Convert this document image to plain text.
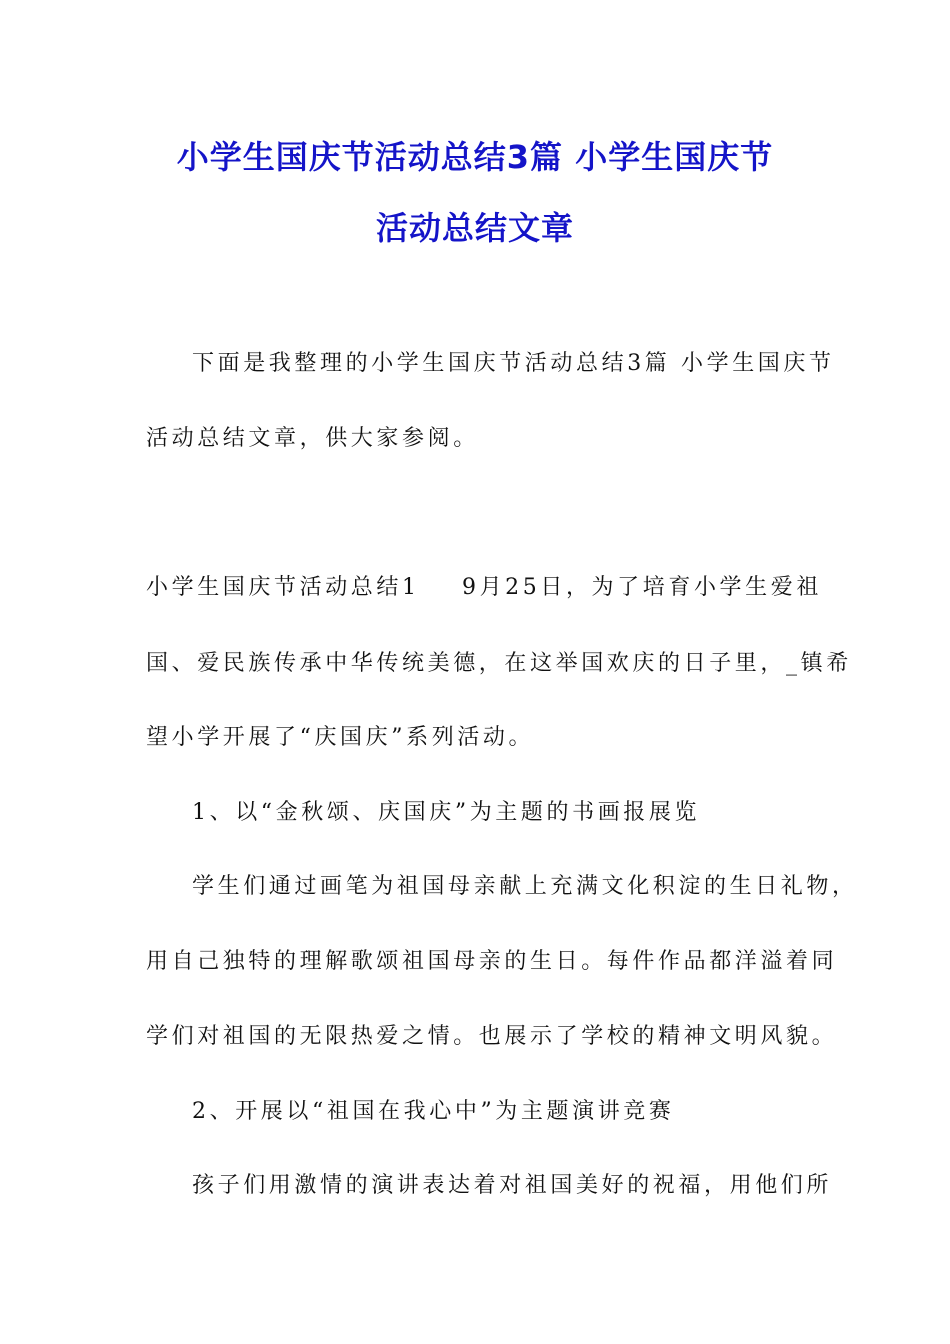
小学生国庆节活动总结3篇 小学生国庆节
活动总结文章
下面是我整理的小学生国庆节活动总结3篇 小学生国庆节
活动总结文章，供大家参阅。
小学生国庆节活动总结1    9月25日，为了培育小学生爱祖
国、爱民族传承中华传统美德，在这举国欢庆的日子里，_镇希
望小学开展了“庆国庆”系列活动。
1、以“金秋颂、庆国庆”为主题的书画报展览
学生们通过画笔为祖国母亲献上充满文化积淀的生日礼物，
用自己独特的理解歌颂祖国母亲的生日。每件作品都洋溢着同
学们对祖国的无限热爱之情。也展示了学校的精神文明风貌。
2、开展以“祖国在我心中”为主题演讲竞赛
孩子们用激情的演讲表达着对祖国美好的祝福，用他们所
